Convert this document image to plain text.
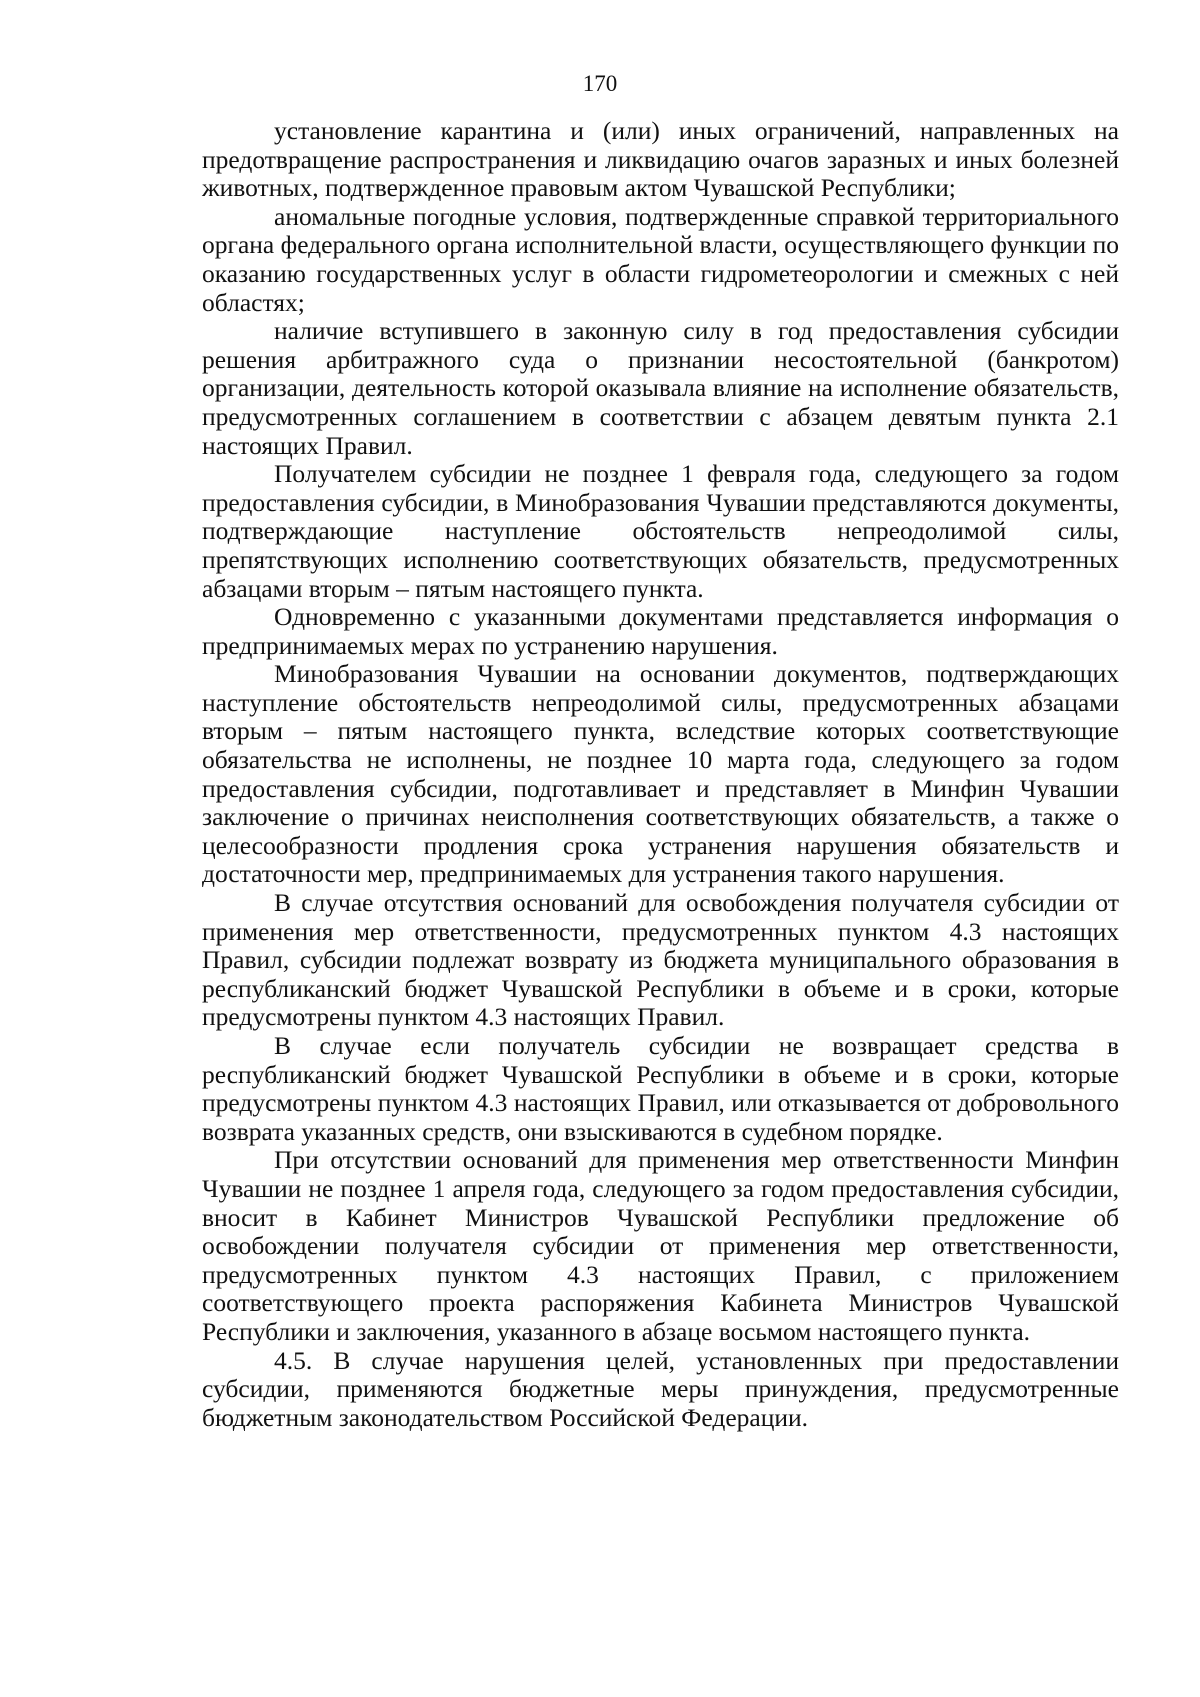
170

установление карантина и (или) иных ограничений, направленных на предотвращение распространения и ликвидацию очагов заразных и иных болезней животных, подтвержденное правовым актом Чувашской Республики;

аномальные погодные условия, подтвержденные справкой территориального органа федерального органа исполнительной власти, осуществляющего функции по оказанию государственных услуг в области гидрометеорологии и смежных с ней областях;

наличие вступившего в законную силу в год предоставления субсидии решения арбитражного суда о признании несостоятельной (банкротом) организации, деятельность которой оказывала влияние на исполнение обязательств, предусмотренных соглашением в соответствии с абзацем девятым пункта 2.1 настоящих Правил.

Получателем субсидии не позднее 1 февраля года, следующего за годом предоставления субсидии, в Минобразования Чувашии представляются документы, подтверждающие наступление обстоятельств непреодолимой силы, препятствующих исполнению соответствующих обязательств, предусмотренных абзацами вторым – пятым настоящего пункта.

Одновременно с указанными документами представляется информация о предпринимаемых мерах по устранению нарушения.

Минобразования Чувашии на основании документов, подтверждающих наступление обстоятельств непреодолимой силы, предусмотренных абзацами вторым – пятым настоящего пункта, вследствие которых соответствующие обязательства не исполнены, не позднее 10 марта года, следующего за годом предоставления субсидии, подготавливает и представляет в Минфин Чувашии заключение о причинах неисполнения соответствующих обязательств, а также о целесообразности продления срока устранения нарушения обязательств и достаточности мер, предпринимаемых для устранения такого нарушения.

В случае отсутствия оснований для освобождения получателя субсидии от применения мер ответственности, предусмотренных пунктом 4.3 настоящих Правил, субсидии подлежат возврату из бюджета муниципального образования в республиканский бюджет Чувашской Республики в объеме и в сроки, которые предусмотрены пунктом 4.3 настоящих Правил.

В случае если получатель субсидии не возвращает средства в республиканский бюджет Чувашской Республики в объеме и в сроки, которые предусмотрены пунктом 4.3 настоящих Правил, или отказывается от добровольного возврата указанных средств, они взыскиваются в судебном порядке.

При отсутствии оснований для применения мер ответственности Минфин Чувашии не позднее 1 апреля года, следующего за годом предоставления субсидии, вносит в Кабинет Министров Чувашской Республики предложение об освобождении получателя субсидии от применения мер ответственности, предусмотренных пунктом 4.3 настоящих Правил, с приложением соответствующего проекта распоряжения Кабинета Министров Чувашской Республики и заключения, указанного в абзаце восьмом настоящего пункта.

4.5. В случае нарушения целей, установленных при предоставлении субсидии, применяются бюджетные меры принуждения, предусмотренные бюджетным законодательством Российской Федерации.
